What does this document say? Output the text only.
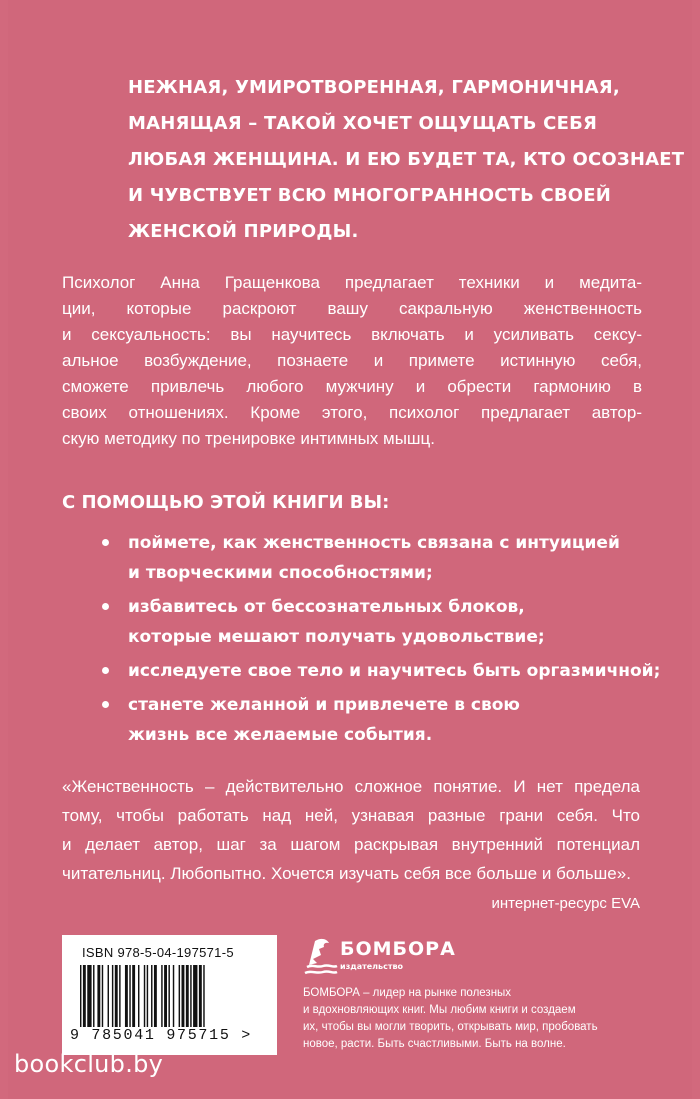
НЕЖНАЯ, УМИРОТВОРЕННАЯ, ГАРМОНИЧНАЯ,
МАНЯЩАЯ – ТАКОЙ ХОЧЕТ ОЩУЩАТЬ СЕБЯ
ЛЮБАЯ ЖЕНЩИНА. И ЕЮ БУДЕТ ТА, КТО ОСОЗНАЕТ
И ЧУВСТВУЕТ ВСЮ МНОГОГРАННОСТЬ СВОЕЙ
ЖЕНСКОЙ ПРИРОДЫ.
Психолог Анна Гращенкова предлагает техники и медита-
ции, которые раскроют вашу сакральную женственность
и сексуальность: вы научитесь включать и усиливать сексу-
альное возбуждение, познаете и примете истинную себя,
сможете привлечь любого мужчину и обрести гармонию в
своих отношениях. Кроме этого, психолог предлагает автор-
скую методику по тренировке интимных мышц.
С ПОМОЩЬЮ ЭТОЙ КНИГИ ВЫ:
поймете, как женственность связана с интуицией
и творческими способностями;
избавитесь от бессознательных блоков,
которые мешают получать удовольствие;
исследуете свое тело и научитесь быть оргазмичной;
станете желанной и привлечете в свою
жизнь все желаемые события.
«Женственность – действительно сложное понятие. И нет предела
тому, чтобы работать над ней, узнавая разные грани себя. Что
и делает автор, шаг за шагом раскрывая внутренний потенциал
читательниц. Любопытно. Хочется изучать себя все больше и больше».
интернет-ресурс EVA
ISBN 978-5-04-197571-5
9 785041 975715 >
БОМБОРА
издательство
БОМБОРА – лидер на рынке полезных
и вдохновляющих книг. Мы любим книги и создаем
их, чтобы вы могли творить, открывать мир, пробовать
новое, расти. Быть счастливыми. Быть на волне.
bookclub.by
